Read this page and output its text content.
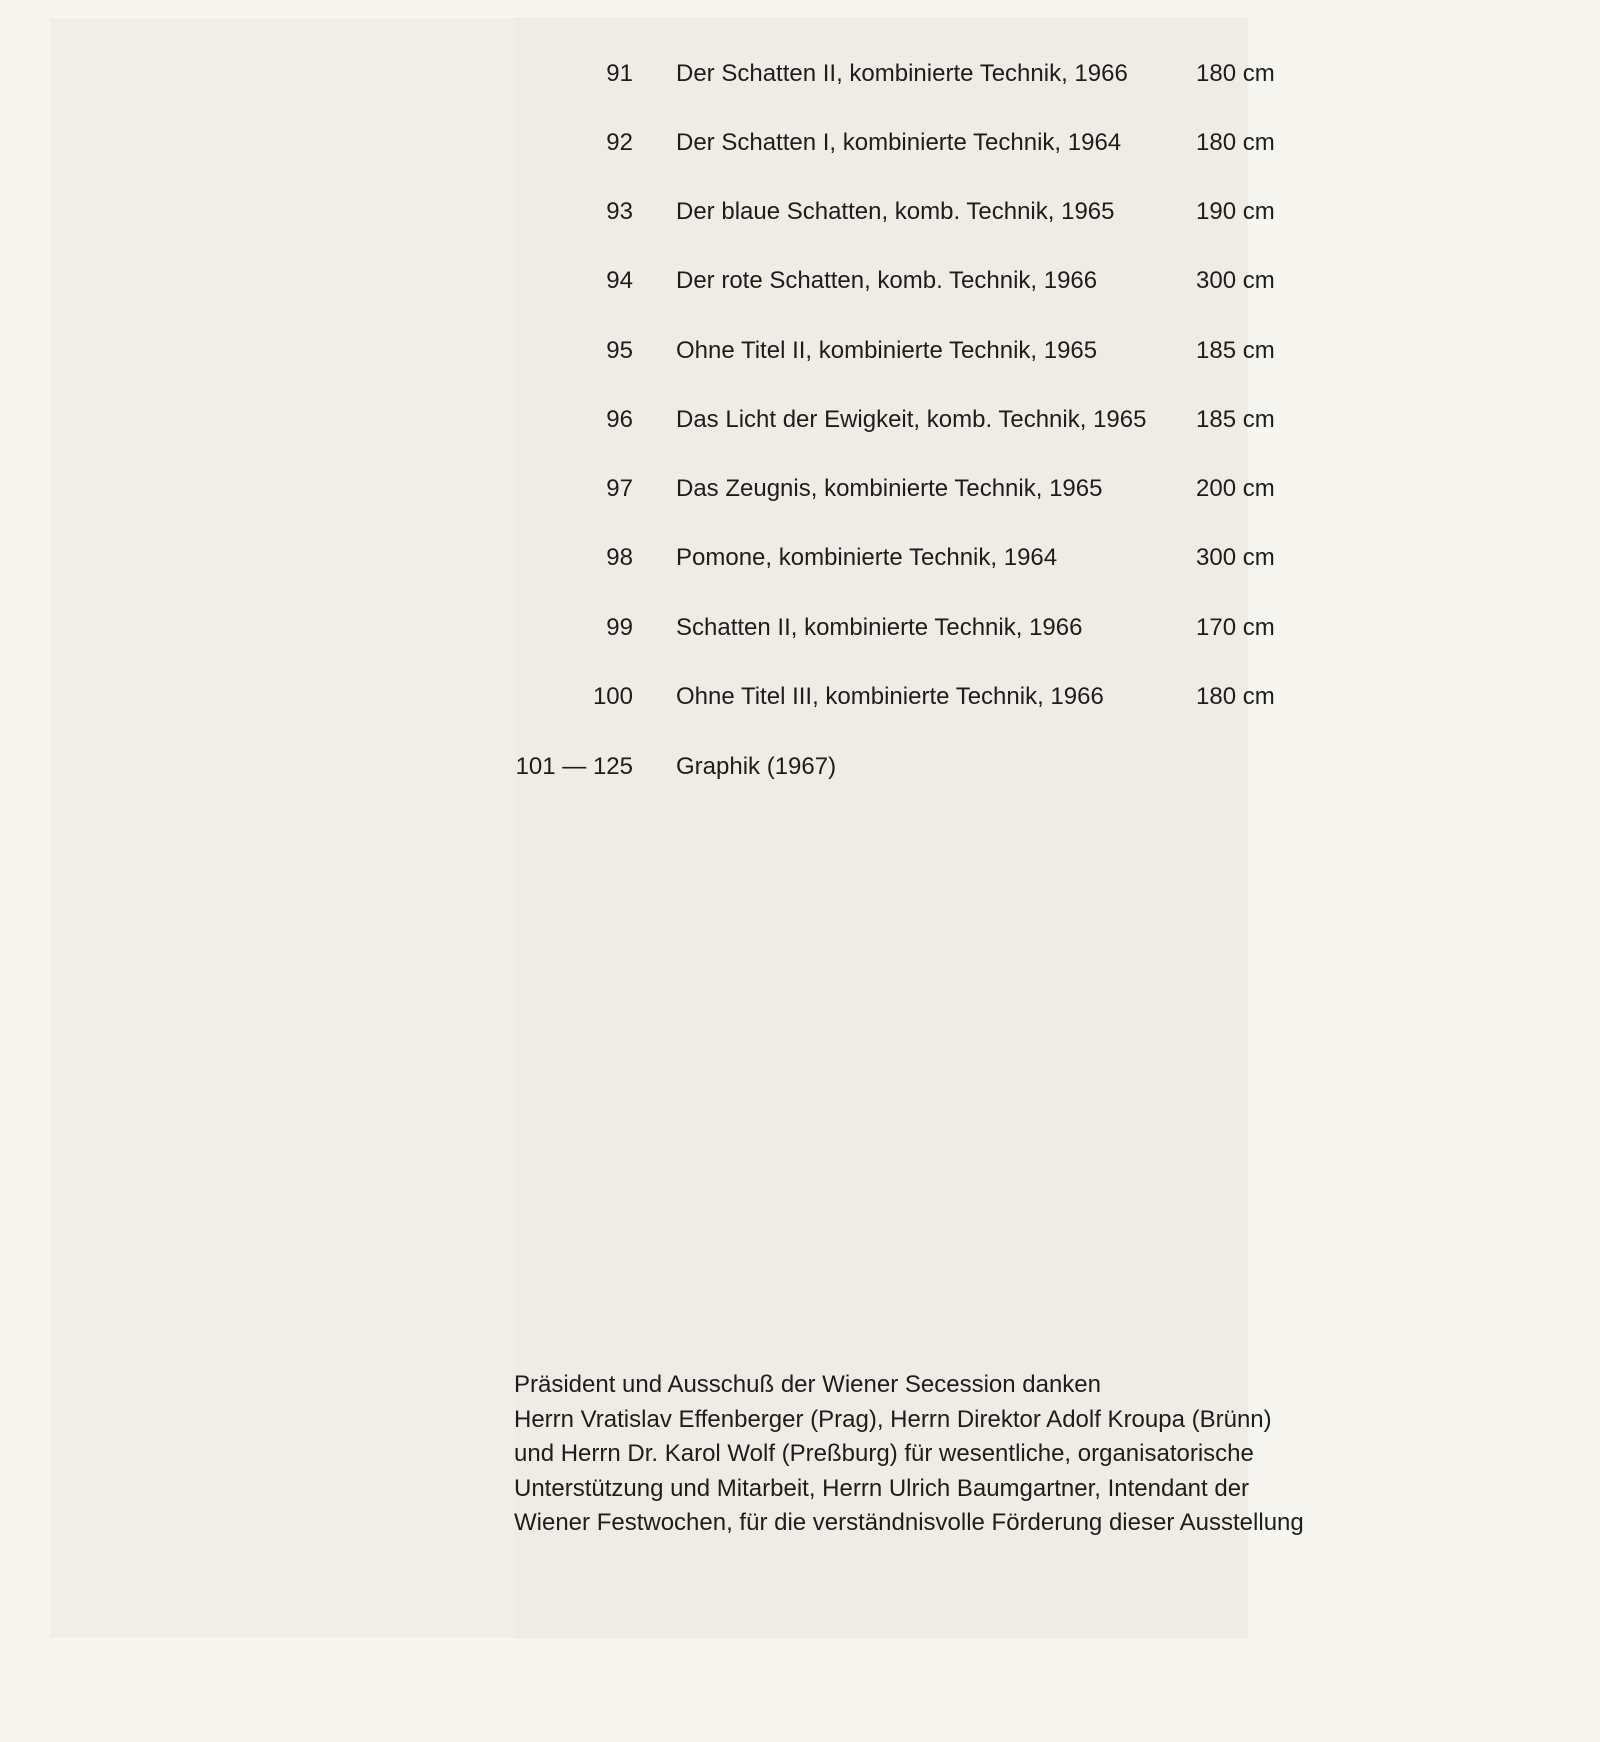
91 Der Schatten II, kombinierte Technik, 1966	180 cm
92 Der Schatten I, kombinierte Technik, 1964	180 cm
93 Der blaue Schatten, komb. Technik, 1965	190 cm
94 Der rote Schatten, komb. Technik, 1966	300 cm
95 Ohne Titel II, kombinierte Technik, 1965	185 cm
96 Das Licht der Ewigkeit, komb. Technik, 1965 185 cm
97 Das Zeugnis, kombinierte Technik, 1965	200 cm
98 Pomone, kombinierte Technik, 1964	300 cm
99 Schatten II, kombinierte Technik, 1966	170 cm
100 Ohne Titel III, kombinierte Technik, 1966	180 cm
101 — 125 Graphik (1967)
Präsident und Ausschuß der Wiener Secession danken
Herrn Vratislav Effenberger (Prag), Herrn Direktor Adolf Kroupa (Brünn)
und Herrn Dr. Karol Wolf (Preßburg) für wesentliche, organisatorische
Unterstützung und Mitarbeit, Herrn Ulrich Baumgartner, Intendant der
Wiener Festwochen, für die verständnisvolle Förderung dieser Ausstellung
